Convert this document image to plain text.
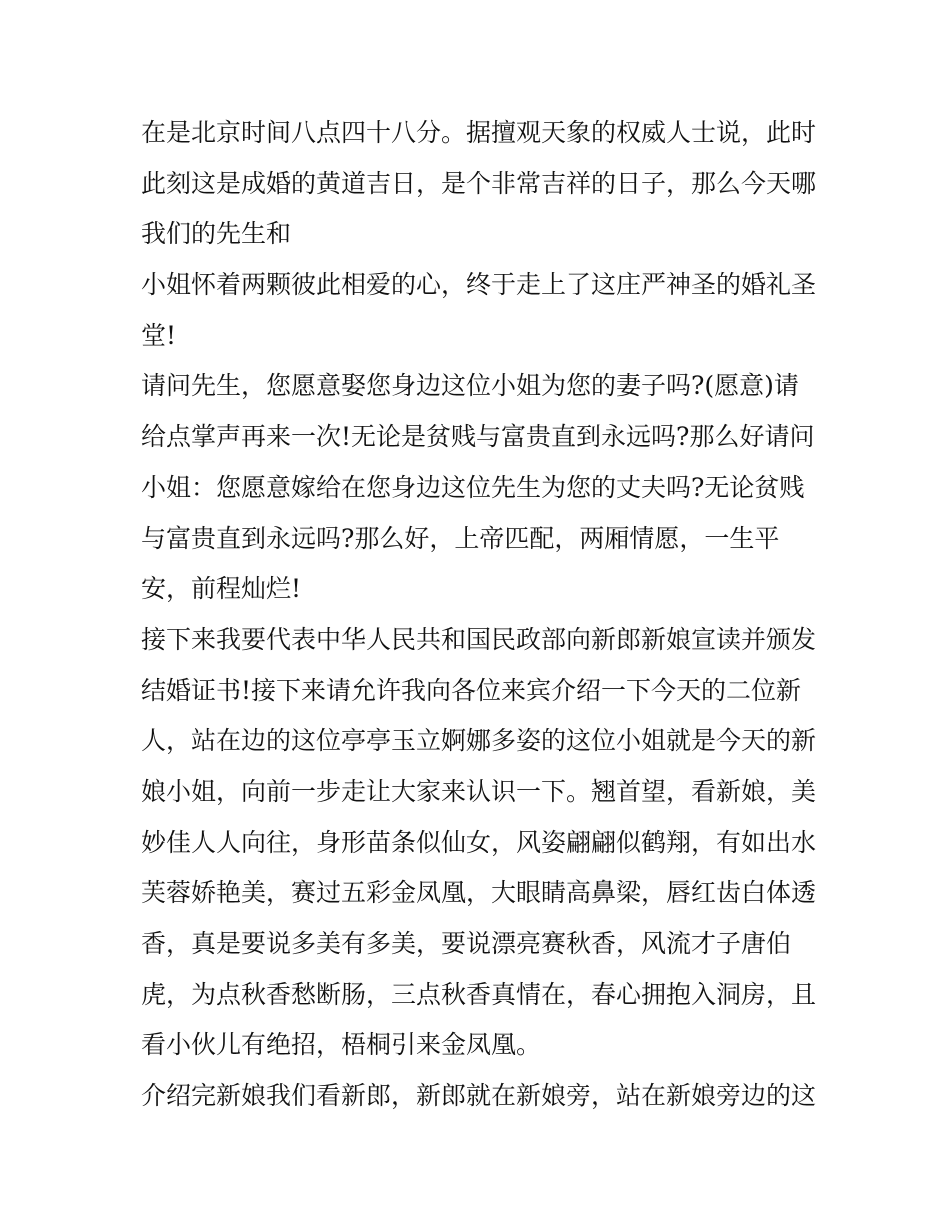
在是北京时间八点四十八分。据擅观天象的权威人士说，此时
此刻这是成婚的黄道吉日，是个非常吉祥的日子，那么今天哪
我们的先生和
小姐怀着两颗彼此相爱的心，终于走上了这庄严神圣的婚礼圣
堂!
请问先生，您愿意娶您身边这位小姐为您的妻子吗?(愿意)请
给点掌声再来一次!无论是贫贱与富贵直到永远吗?那么好请问
小姐：您愿意嫁给在您身边这位先生为您的丈夫吗?无论贫贱
与富贵直到永远吗?那么好，上帝匹配，两厢情愿，一生平
安，前程灿烂!
接下来我要代表中华人民共和国民政部向新郎新娘宣读并颁发
结婚证书!接下来请允许我向各位来宾介绍一下今天的二位新
人，站在边的这位亭亭玉立婀娜多姿的这位小姐就是今天的新
娘小姐，向前一步走让大家来认识一下。翘首望，看新娘，美
妙佳人人向往，身形苗条似仙女，风姿翩翩似鹤翔，有如出水
芙蓉娇艳美，赛过五彩金凤凰，大眼睛高鼻梁，唇红齿白体透
香，真是要说多美有多美，要说漂亮赛秋香，风流才子唐伯
虎，为点秋香愁断肠，三点秋香真情在，春心拥抱入洞房，且
看小伙儿有绝招，梧桐引来金凤凰。
介绍完新娘我们看新郎，新郎就在新娘旁，站在新娘旁边的这
